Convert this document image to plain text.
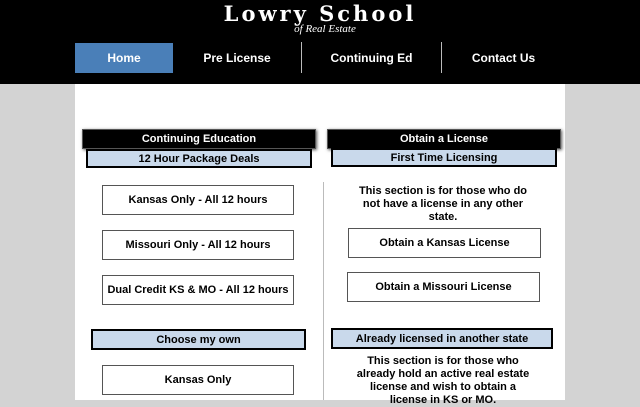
Lowry School
of Real Estate
Home	Pre License	Continuing Ed	Contact Us
Continuing Education
12 Hour Package Deals
Kansas Only - All 12 hours
Missouri Only - All 12 hours
Dual Credit KS & MO - All 12 hours
Choose my own
Kansas Only
Obtain a License
First Time Licensing
This section is for those who do not have a license in any other state.
Obtain a Kansas License
Obtain a Missouri License
Already licensed in another state
This section is for those who already hold an active real estate license and wish to obtain a license in KS or MO.
